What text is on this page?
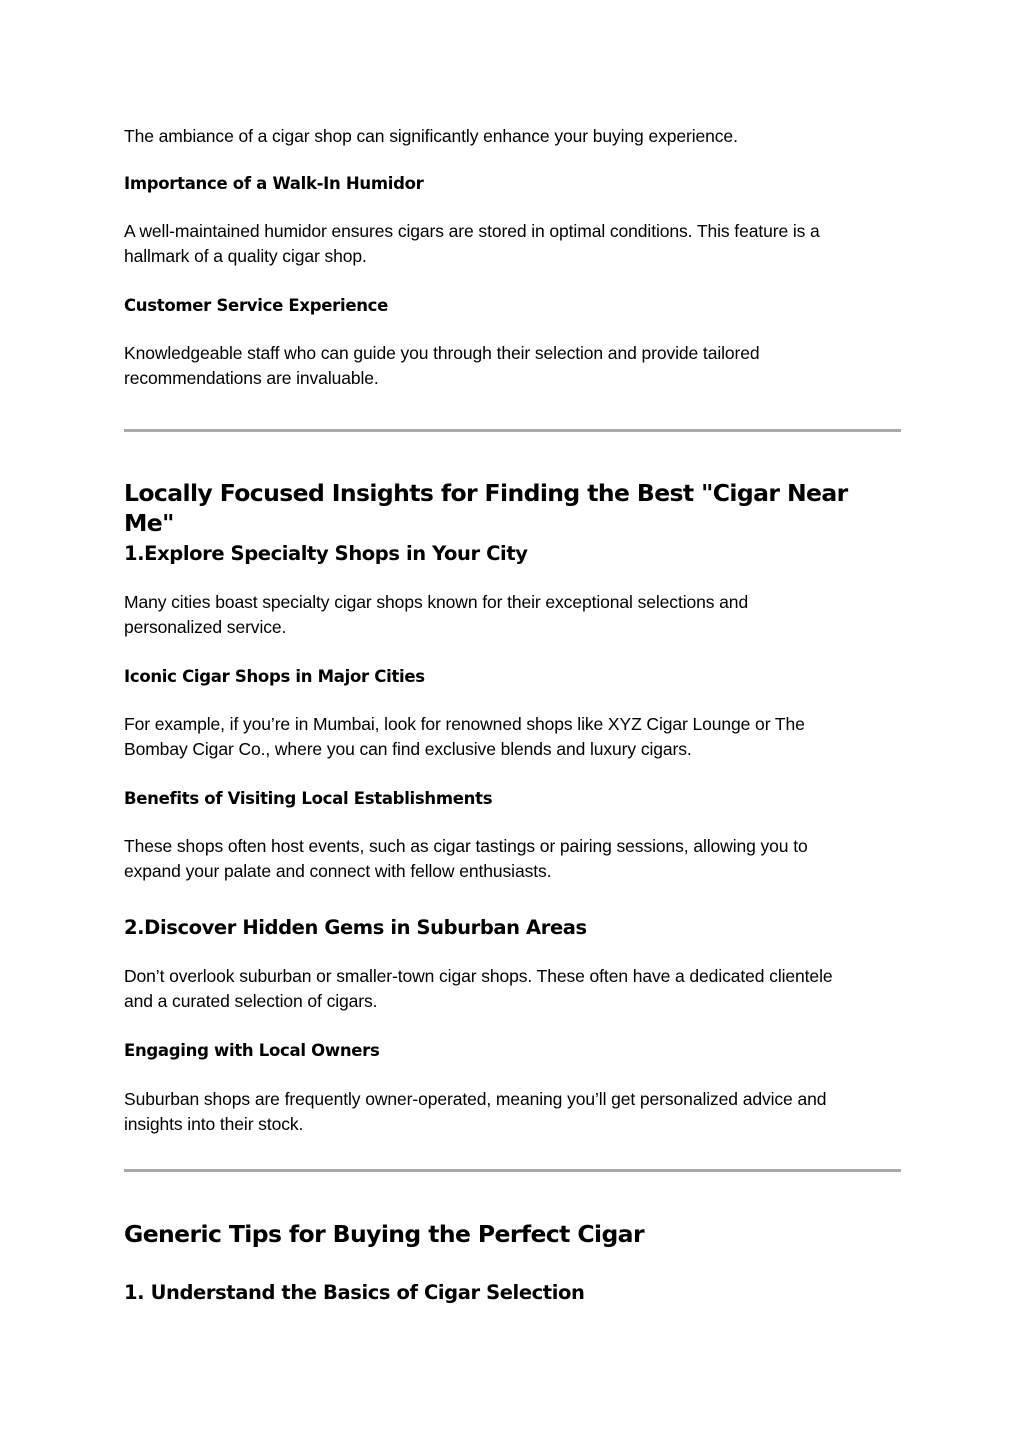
The ambiance of a cigar shop can significantly enhance your buying experience.

Importance of a Walk-In Humidor

A well-maintained humidor ensures cigars are stored in optimal conditions. This feature is a

hallmark of a quality cigar shop.

Customer Service Experience

Knowledgeable staff who can guide you through their selection and provide tailored

recommendations are invaluable.

Locally Focused Insights for Finding the Best "Cigar Near Me"
1.Explore Specialty Shops in Your City

Many cities boast specialty cigar shops known for their exceptional selections and

personalized service.

Iconic Cigar Shops in Major Cities

For example, if you’re in Mumbai, look for renowned shops like XYZ Cigar Lounge or The

Bombay Cigar Co., where you can find exclusive blends and luxury cigars.

Benefits of Visiting Local Establishments

These shops often host events, such as cigar tastings or pairing sessions, allowing you to

expand your palate and connect with fellow enthusiasts.

2.Discover Hidden Gems in Suburban Areas

Don’t overlook suburban or smaller-town cigar shops. These often have a dedicated clientele

and a curated selection of cigars.

Engaging with Local Owners

Suburban shops are frequently owner-operated, meaning you’ll get personalized advice and

insights into their stock.

Generic Tips for Buying the Perfect Cigar
1. Understand the Basics of Cigar Selection
